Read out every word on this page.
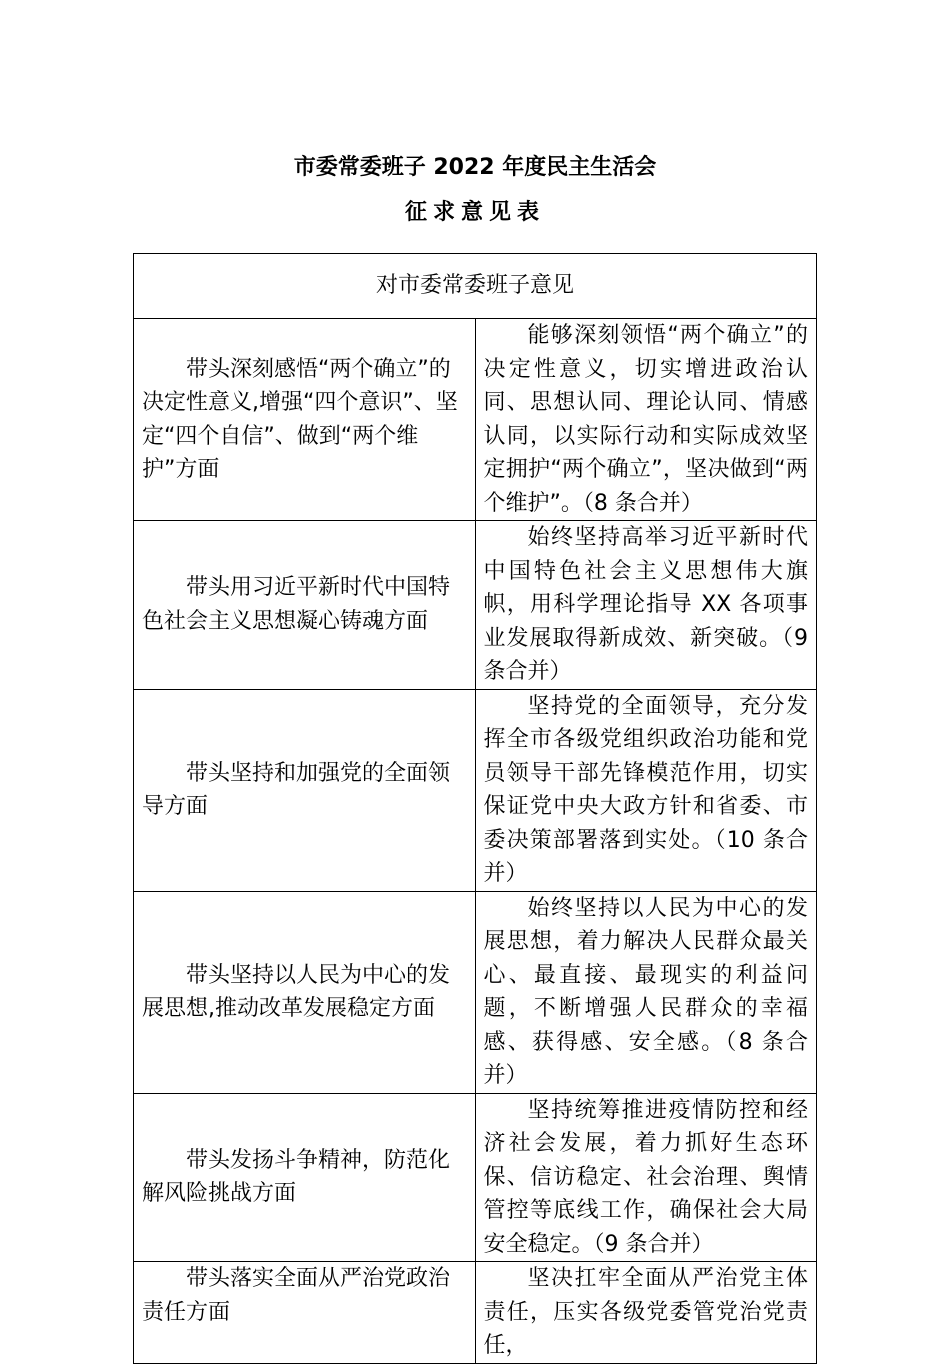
市委常委班子 2022 年度民主生活会
征求意见表
对市委常委班子意见	
带头深刻感悟“两个确立”的决定性意义,增强“四个意识”、坚定“四个自信”、做到“两个维护”方面	能够深刻领悟“两个确立”的决定性意义，切实增进政治认同、思想认同、理论认同、情感认同，以实际行动和实际成效坚定拥护“两个确立”，坚决做到“两个维护”。（8 条合并）
带头用习近平新时代中国特色社会主义思想凝心铸魂方面	始终坚持高举习近平新时代中国特色社会主义思想伟大旗帜，用科学理论指导 XX 各项事业发展取得新成效、新突破。（9 条合并）
带头坚持和加强党的全面领导方面	坚持党的全面领导，充分发挥全市各级党组织政治功能和党员领导干部先锋模范作用，切实保证党中央大政方针和省委、市委决策部署落到实处。（10 条合并）
带头坚持以人民为中心的发展思想,推动改革发展稳定方面	始终坚持以人民为中心的发展思想，着力解决人民群众最关心、最直接、最现实的利益问题，不断增强人民群众的幸福感、获得感、安全感。（8 条合并）
带头发扬斗争精神，防范化解风险挑战方面	坚持统筹推进疫情防控和经济社会发展，着力抓好生态环保、信访稳定、社会治理、舆情管控等底线工作，确保社会大局安全稳定。（9 条合并）
带头落实全面从严治党政治责任方面	坚决扛牢全面从严治党主体责任，压实各级党委管党治党责任，
